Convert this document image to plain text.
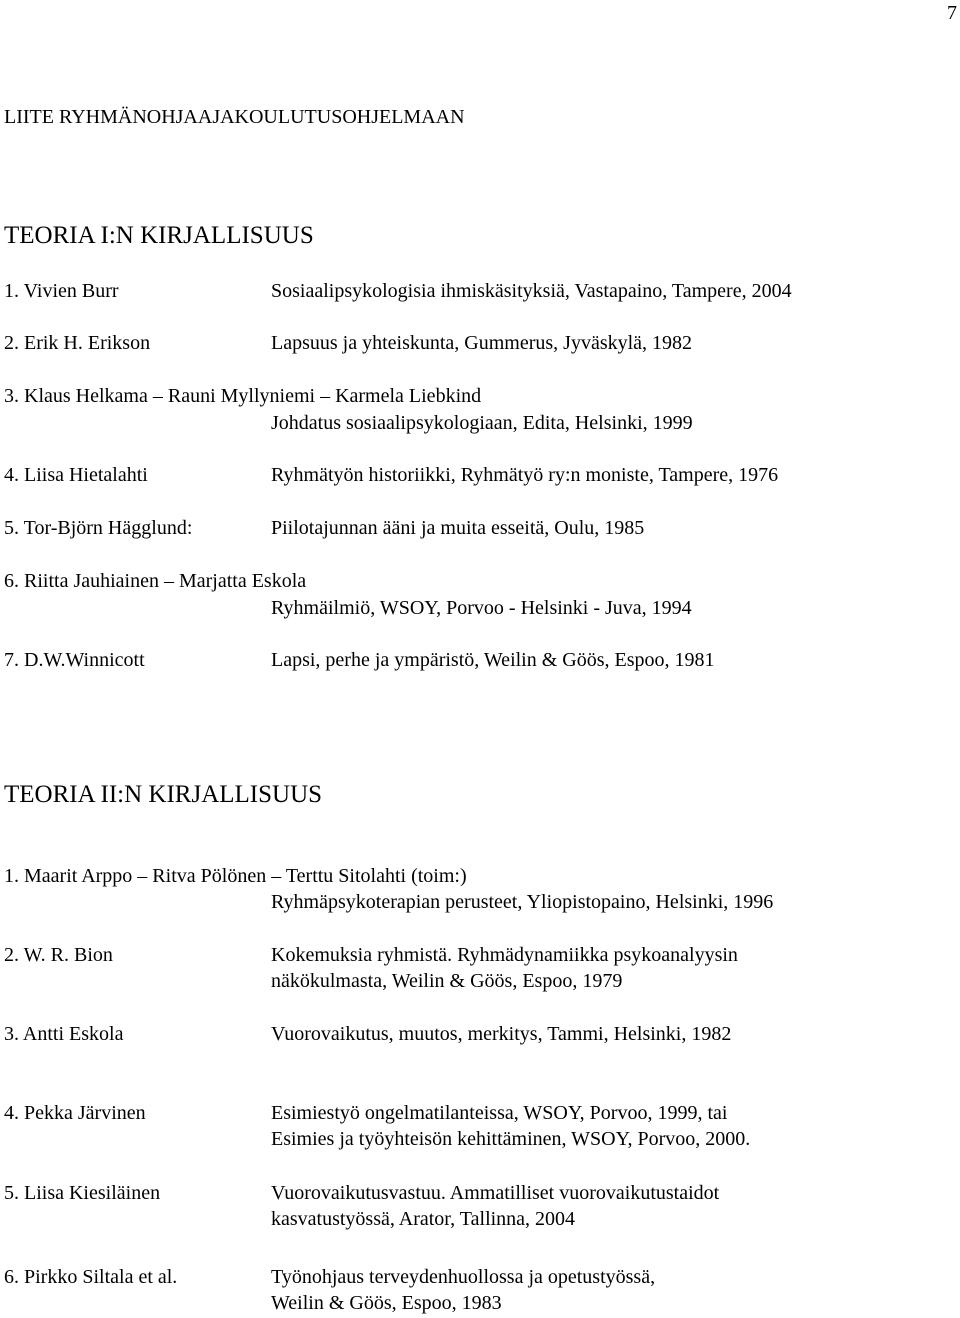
7
LIITE RYHMÄNOHJAAJAKOULUTUSOHJELMAAN
TEORIA I:N KIRJALLISUUS
1. Vivien Burr	Sosiaalipsykologisia ihmiskäsityksiä, Vastapaino, Tampere, 2004
2. Erik H. Erikson	Lapsuus ja yhteiskunta, Gummerus, Jyväskylä, 1982
3. Klaus Helkama – Rauni Myllyniemi – Karmela Liebkind
Johdatus sosiaalipsykologiaan, Edita, Helsinki, 1999
4. Liisa Hietalahti	Ryhmätyön historiikki, Ryhmätyö ry:n moniste, Tampere, 1976
5. Tor-Björn Hägglund:	Piilotajunnan ääni ja muita esseitä, Oulu, 1985
6. Riitta Jauhiainen – Marjatta Eskola
Ryhmäilmiö, WSOY, Porvoo - Helsinki - Juva, 1994
7. D.W.Winnicott	Lapsi, perhe ja ympäristö, Weilin & Göös, Espoo, 1981
TEORIA II:N KIRJALLISUUS
1. Maarit Arppo – Ritva Pölönen – Terttu Sitolahti (toim:)
Ryhmäpsykoterapian perusteet, Yliopistopaino, Helsinki, 1996
2. W. R. Bion	Kokemuksia ryhmistä. Ryhmädynamiikka psykoanalyysin
näkökulmasta, Weilin & Göös, Espoo, 1979
3. Antti Eskola	Vuorovaikutus, muutos, merkitys, Tammi, Helsinki, 1982
4. Pekka Järvinen	Esimiestyö ongelmatilanteissa, WSOY, Porvoo, 1999, tai
Esimies ja työyhteisön kehittäminen, WSOY, Porvoo, 2000.
5. Liisa Kiesiläinen	Vuorovaikutusvastuu. Ammatilliset vuorovaikutustaidot
kasvatustyössä, Arator, Tallinna, 2004
6. Pirkko Siltala et al.	Työnohjaus terveydenhuollossa ja opetustyössä,
Weilin & Göös, Espoo, 1983
